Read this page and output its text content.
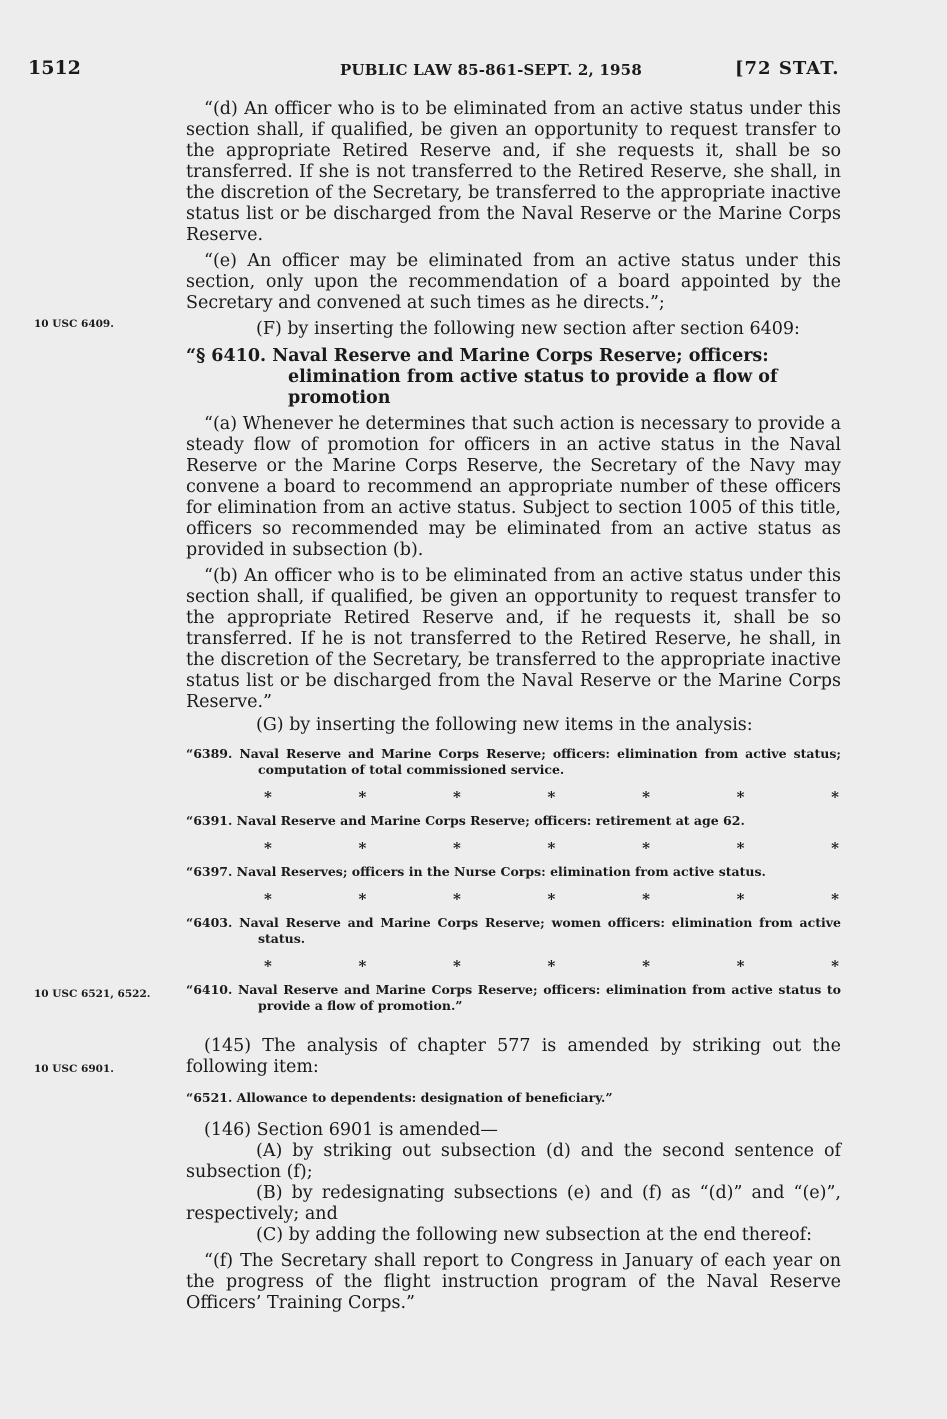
1512	PUBLIC LAW 85-861-SEPT. 2, 1958	[72 STAT.
10 USC 6409.
10 USC 6521, 6522.
10 USC 6901.

“(d) An officer who is to be eliminated from an active status under this section shall, if qualified, be given an opportunity to request transfer to the appropriate Retired Reserve and, if she requests it, shall be so transferred. If she is not transferred to the Retired Reserve, she shall, in the discretion of the Secretary, be transferred to the appropriate inactive status list or be discharged from the Naval Reserve or the Marine Corps Reserve.

“(e) An officer may be eliminated from an active status under this section, only upon the recommendation of a board appointed by the Secretary and convened at such times as he directs.”;

(F) by inserting the following new section after section 6409:

“§ 6410. Naval Reserve and Marine Corps Reserve; officers: elimination from active status to provide a flow of promotion

“(a) Whenever he determines that such action is necessary to provide a steady flow of promotion for officers in an active status in the Naval Reserve or the Marine Corps Reserve, the Secretary of the Navy may convene a board to recommend an appropriate number of these officers for elimination from an active status. Subject to section 1005 of this title, officers so recommended may be eliminated from an active status as provided in subsection (b).

“(b) An officer who is to be eliminated from an active status under this section shall, if qualified, be given an opportunity to request transfer to the appropriate Retired Reserve and, if he requests it, shall be so transferred. If he is not transferred to the Retired Reserve, he shall, in the discretion of the Secretary, be transferred to the appropriate inactive status list or be discharged from the Naval Reserve or the Marine Corps Reserve.”

(G) by inserting the following new items in the analysis:

“6389. Naval Reserve and Marine Corps Reserve; officers: elimination from active status; computation of total commissioned service.

*	*	*	*	*	*	*

“6391. Naval Reserve and Marine Corps Reserve; officers: retirement at age 62.

*	*	*	*	*	*	*

“6397. Naval Reserves; officers in the Nurse Corps: elimination from active status.

*	*	*	*	*	*	*

“6403. Naval Reserve and Marine Corps Reserve; women officers: elimination from active status.

*	*	*	*	*	*	*

“6410. Naval Reserve and Marine Corps Reserve; officers: elimination from active status to provide a flow of promotion.”

(145) The analysis of chapter 577 is amended by striking out the following item:

“6521. Allowance to dependents: designation of beneficiary.”

(146) Section 6901 is amended—

(A) by striking out subsection (d) and the second sentence of subsection (f);

(B) by redesignating subsections (e) and (f) as “(d)” and “(e)”, respectively; and

(C) by adding the following new subsection at the end thereof:

“(f) The Secretary shall report to Congress in January of each year on the progress of the flight instruction program of the Naval Reserve Officers’ Training Corps.”
